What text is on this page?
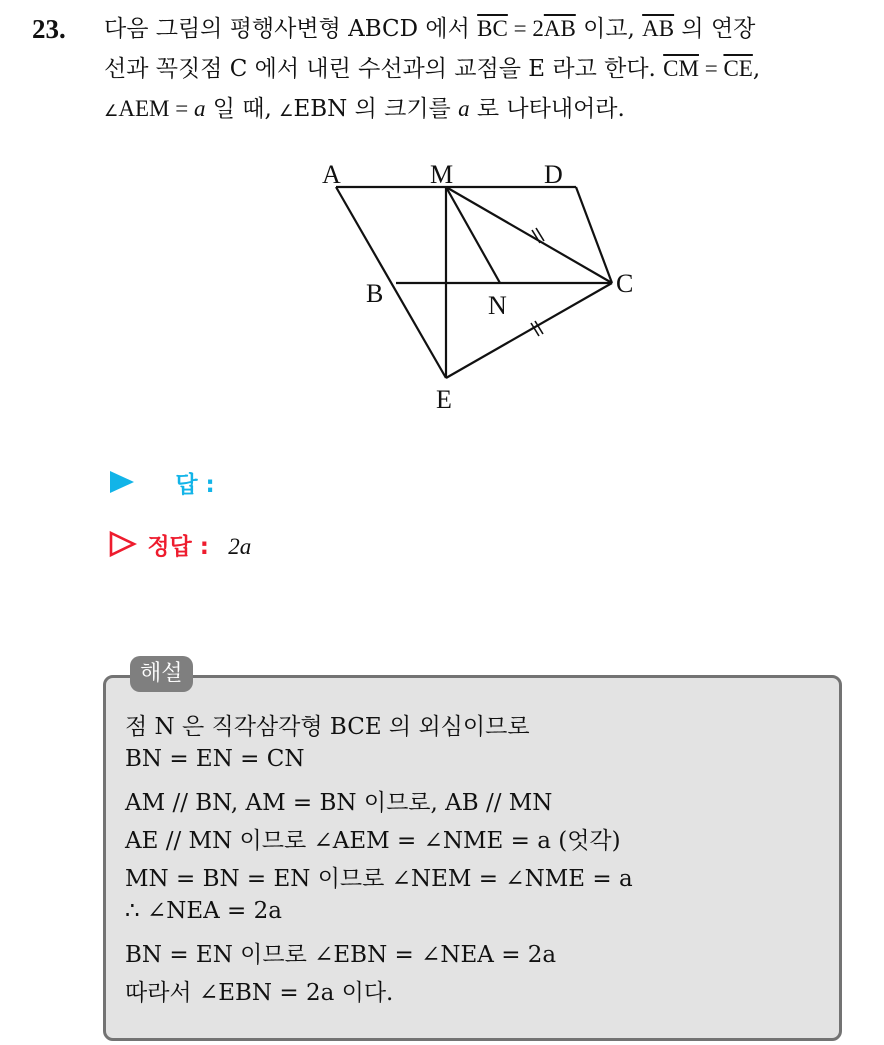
23. 다음 그림의 평행사변형 ABCD 에서 $\overline{BC} = 2\overline{AB}$ 이고, $\overline{AB}$ 의 연장
선과 꼭짓점 C 에서 내린 수선과의 교점을 E 라고 한다. $\overline{CM} = \overline{CE}$,
∠AEM = a 일 때, ∠EBN 의 크기를 a 로 나타내어라.
A	M	D
B	N
C
E
답 :
정답 : 2a
해설
점 N 은 직각삼각형 BCE 의 외심이므로
BN = EN = CN
AM // BN, AM = BN 이므로, AB // MN
AE // MN 이므로 ∠AEM = ∠NME = a (엇각)
MN = BN = EN 이므로 ∠NEM = ∠NME = a
∴ ∠NEA = 2a
BN = EN 이므로 ∠EBN = ∠NEA = 2a
따라서 ∠EBN = 2a 이다.
